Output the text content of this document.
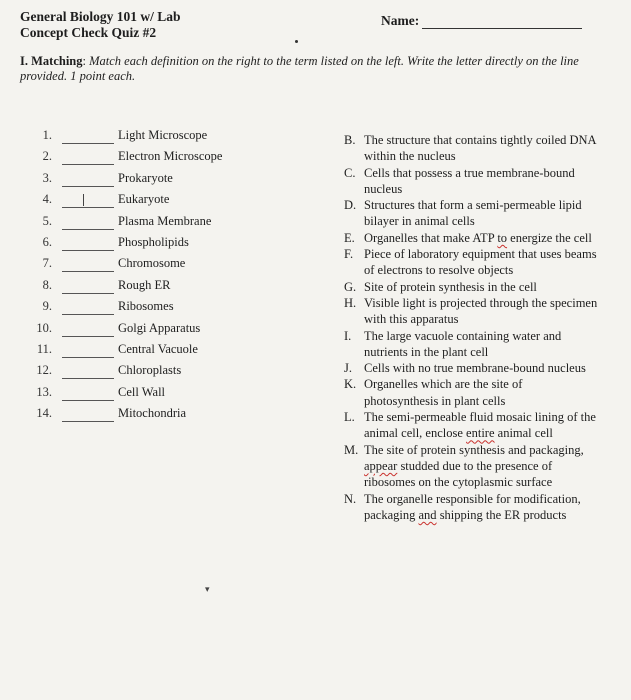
General Biology 101 w/ Lab
Concept Check Quiz #2
Name:
I. Matching: Match each definition on the right to the term listed on the left. Write the letter directly on the line provided. 1 point each.
1.	Light Microscope
2.	Electron Microscope
3.	Prokaryote
4.	Eukaryote
5.	Plasma Membrane
6.	Phospholipids
7.	Chromosome
8.	Rough ER
9.	Ribosomes
10.	Golgi Apparatus
11.	Central Vacuole
12.	Chloroplasts
13.	Cell Wall
14.	Mitochondria
B. The structure that contains tightly coiled DNA within the nucleus
C. Cells that possess a true membrane-bound nucleus
D. Structures that form a semi-permeable lipid bilayer in animal cells
E. Organelles that make ATP to energize the cell
F. Piece of laboratory equipment that uses beams of electrons to resolve objects
G. Site of protein synthesis in the cell
H. Visible light is projected through the specimen with this apparatus
I. The large vacuole containing water and nutrients in the plant cell
J. Cells with no true membrane-bound nucleus
K. Organelles which are the site of photosynthesis in plant cells
L. The semi-permeable fluid mosaic lining of the animal cell, enclose entire animal cell
M. The site of protein synthesis and packaging, appear studded due to the presence of ribosomes on the cytoplasmic surface
N. The organelle responsible for modification, packaging and shipping the ER products
▾
